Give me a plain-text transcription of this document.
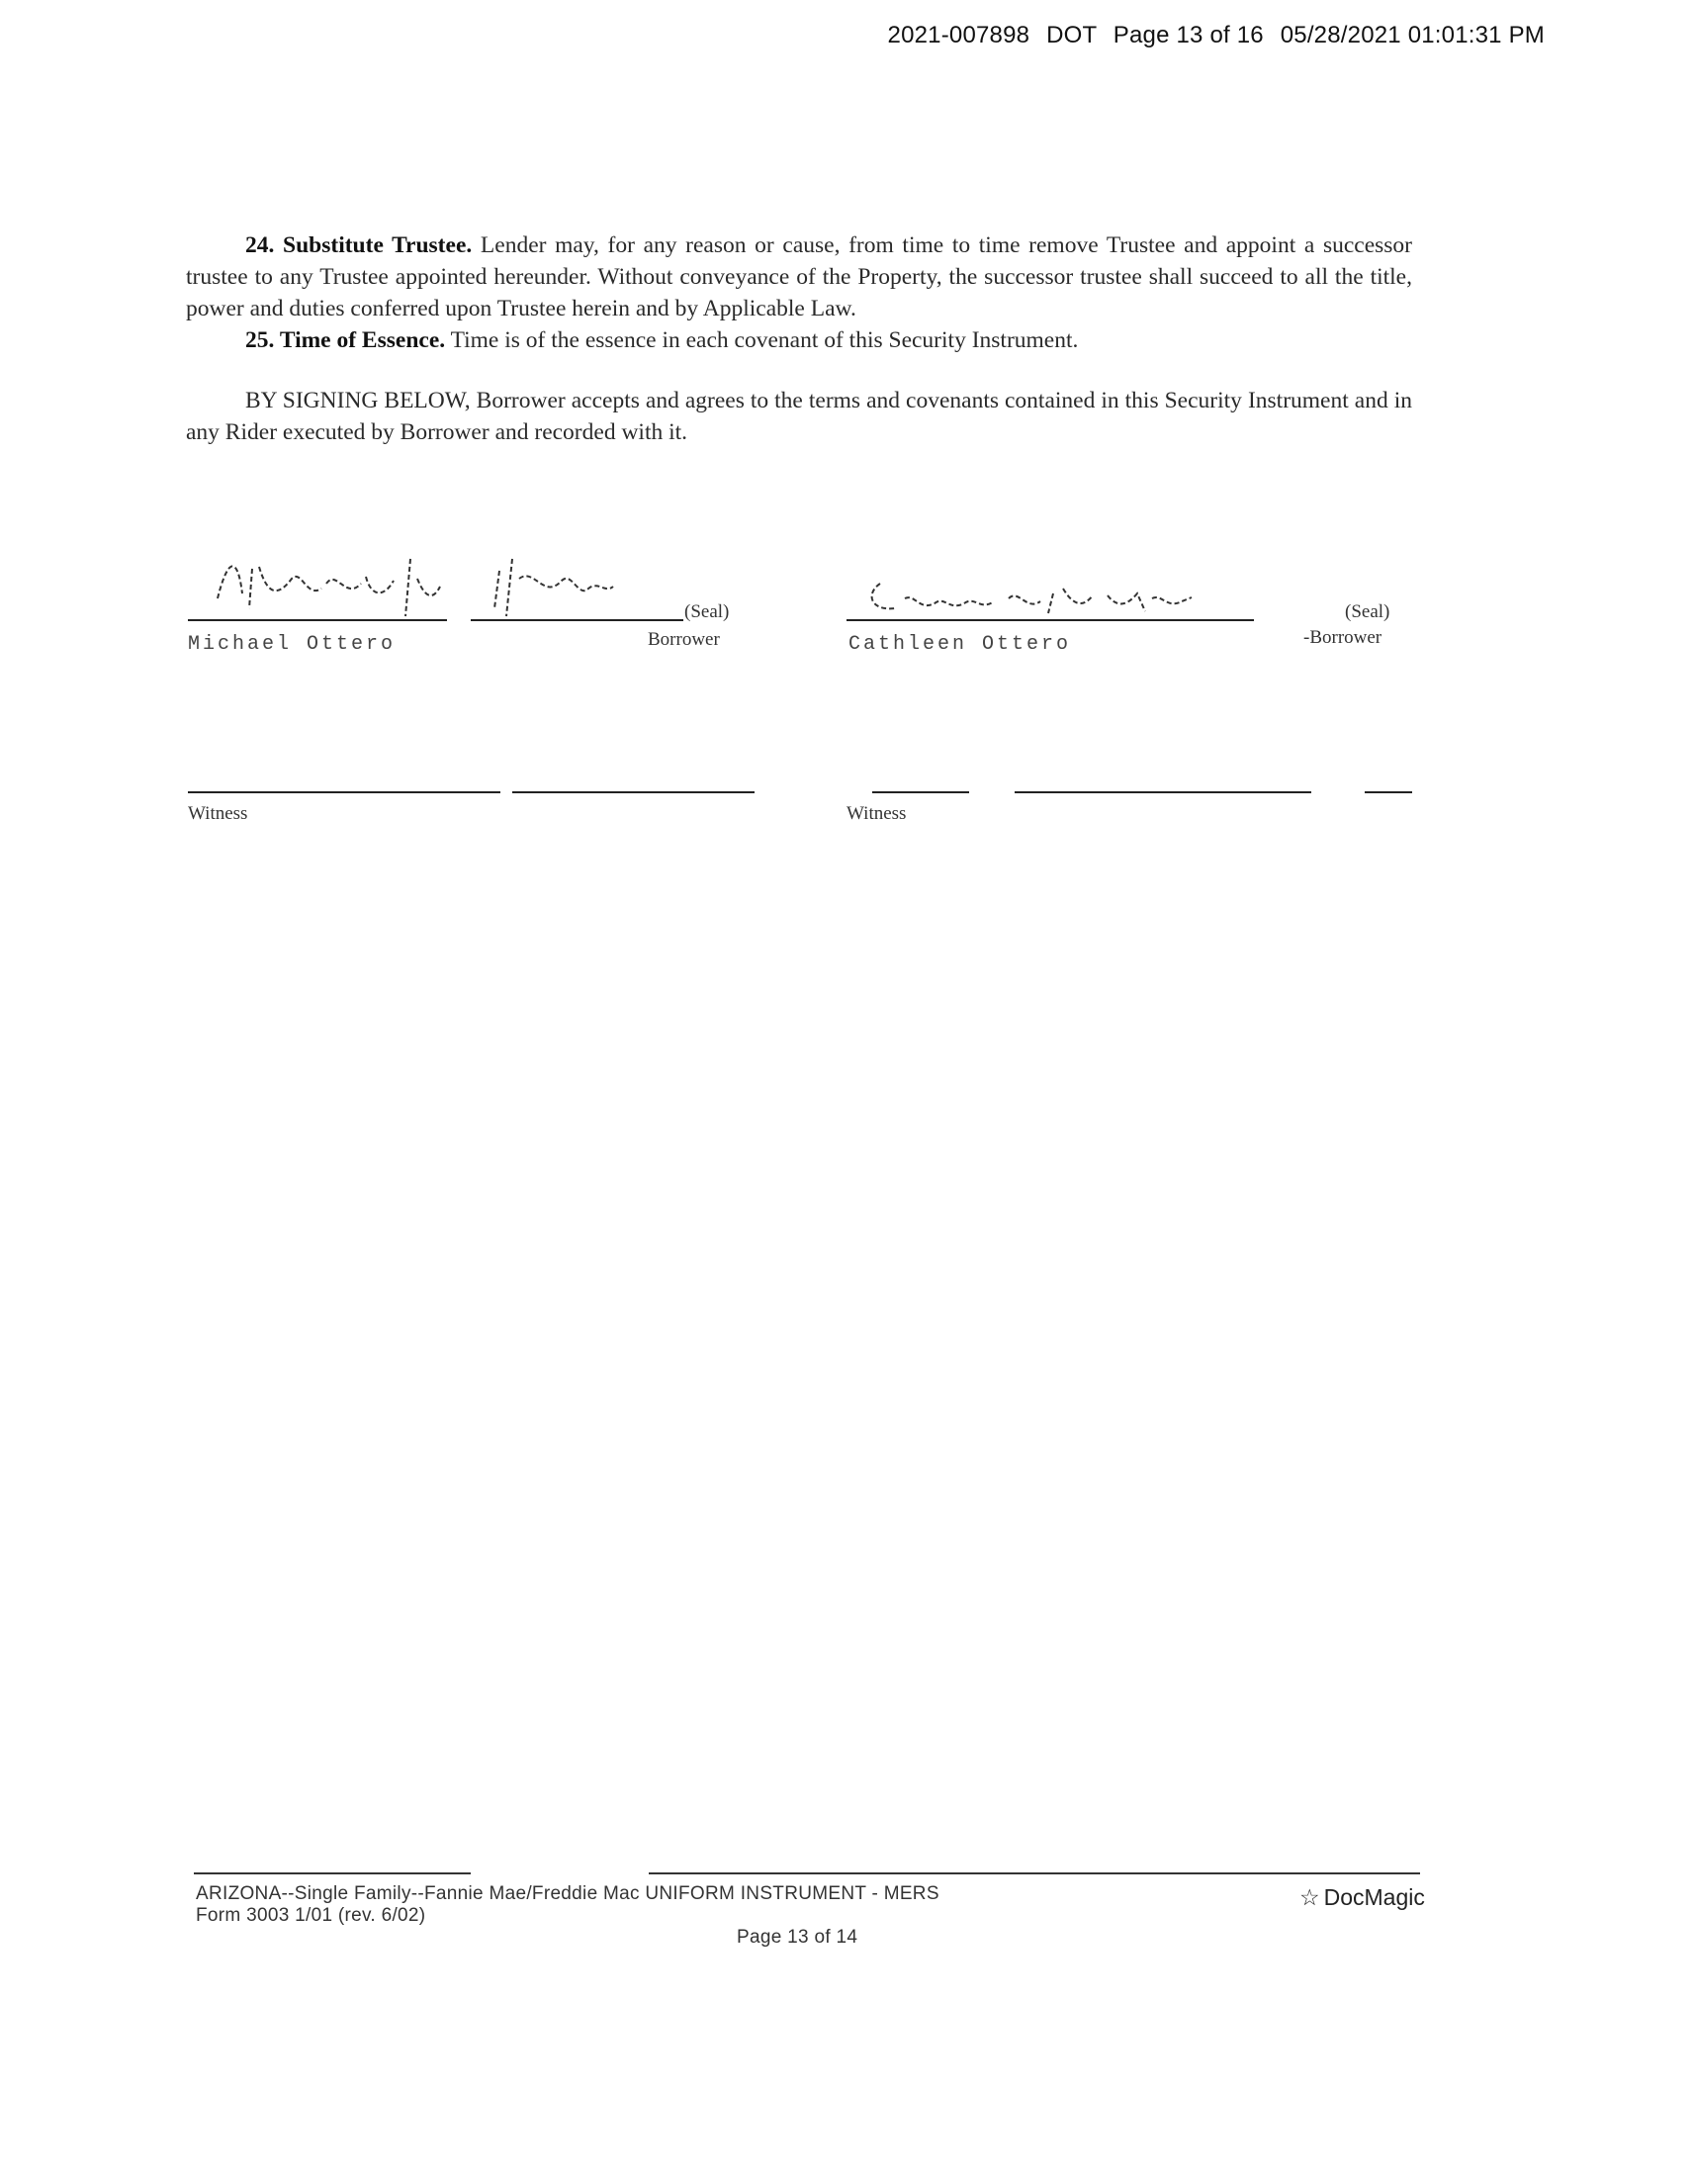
2021-007898 DOT Page 13 of 16 05/28/2021 01:01:31 PM

24. Substitute Trustee. Lender may, for any reason or cause, from time to time remove Trustee and appoint a successor trustee to any Trustee appointed hereunder. Without conveyance of the Property, the successor trustee shall succeed to all the title, power and duties conferred upon Trustee herein and by Applicable Law.

25. Time of Essence. Time is of the essence in each covenant of this Security Instrument.

BY SIGNING BELOW, Borrower accepts and agrees to the terms and covenants contained in this Security Instrument and in any Rider executed by Borrower and recorded with it.

(Seal)
Borrower
Michael Ottero
(Seal)
-Borrower
Cathleen Ottero
Witness	Witness
ARIZONA--Single Family--Fannie Mae/Freddie Mac UNIFORM INSTRUMENT - MERS
Form 3003 1/01 (rev. 6/02)
Page 13 of 14
☆ DocMagic
